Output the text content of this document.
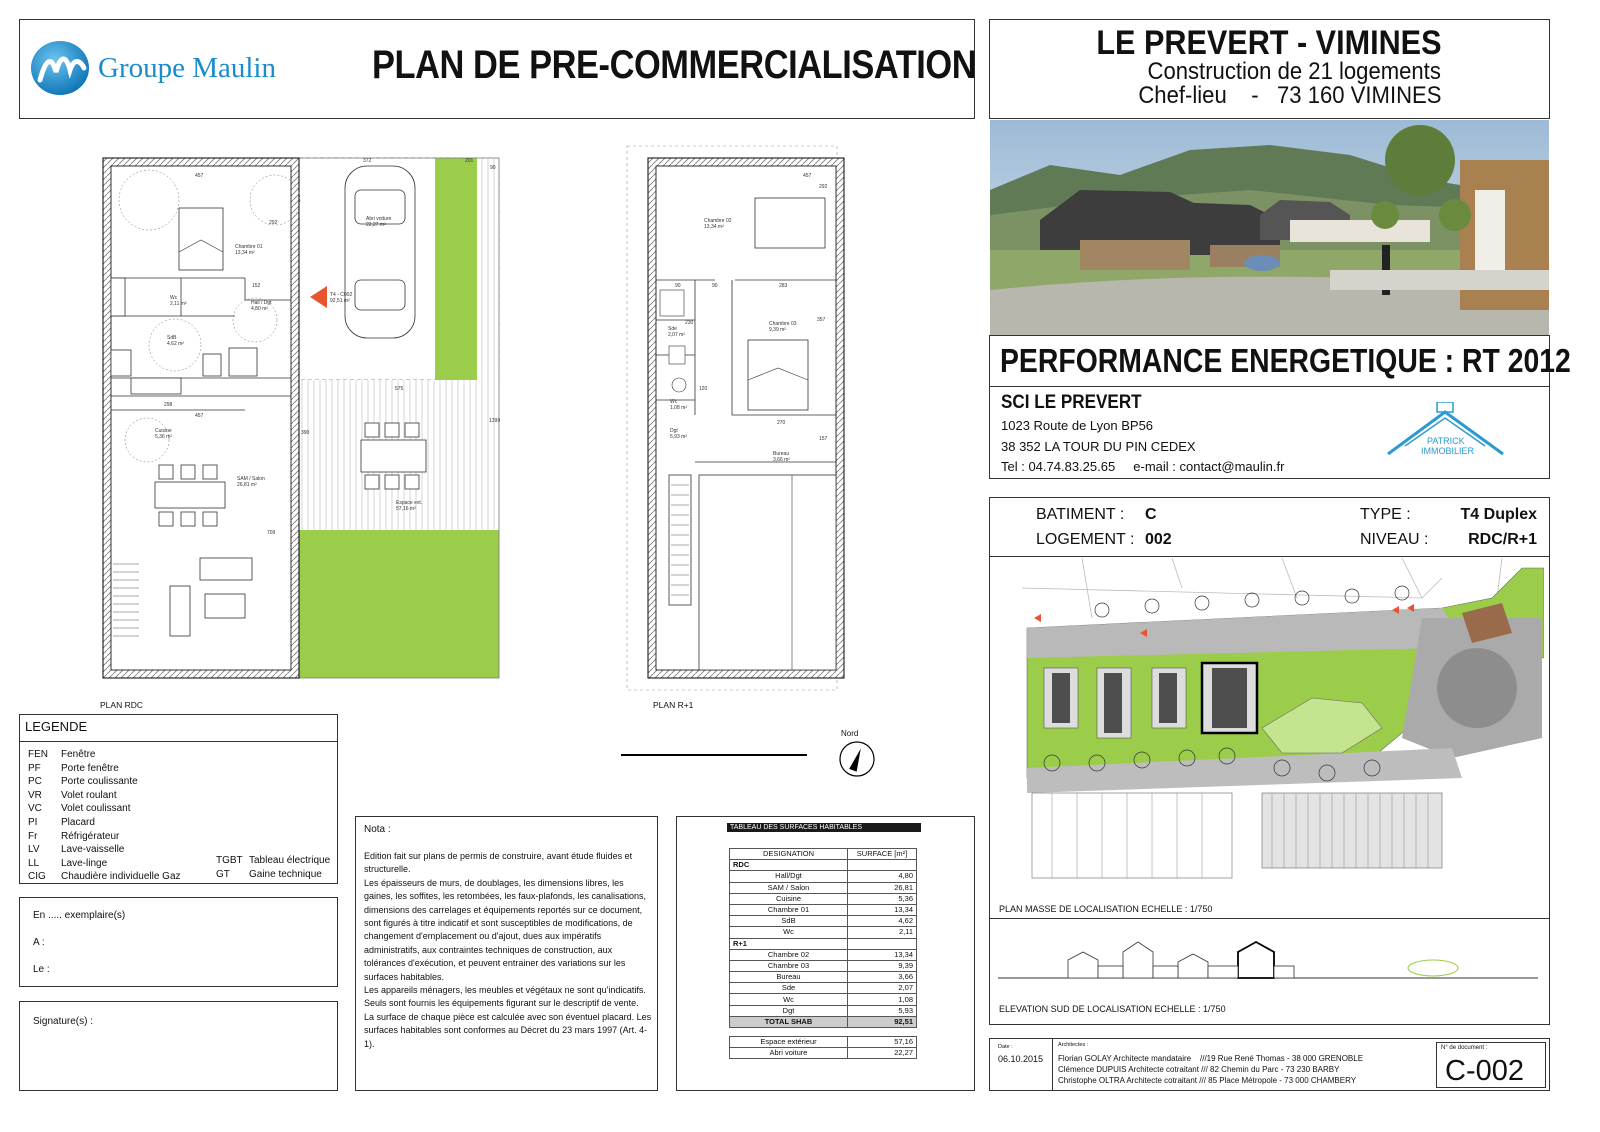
Groupe Maulin PLAN DE PRE-COMMERCIALISATION	LE PREVERT - VIMINES
Construction de 21 logements
Chef-lieu    -   73 160 VIMINES
PERFORMANCE ENERGETIQUE : RT 2012
SCI LE PREVERT
1023 Route de Lyon BP56
38 352 LA TOUR DU PIN CEDEX
Tel : 04.74.83.25.65     e-mail : contact@maulin.fr
PATRICK
IMMOBILIER
BATIMENT : C	TYPE :	T4 Duplex
LOGEMENT : 002	NIVEAU : RDC/R+1
PLAN MASSE DE LOCALISATION ECHELLE : 1/750
ELEVATION SUD DE LOCALISATION ECHELLE : 1/750
Date :
06.10.2015
Architectes :
Florian GOLAY Architecte mandataire    ///19 Rue René Thomas - 38 000 GRENOBLE
Clémence DUPUIS Architecte cotraitant /// 82 Chemin du Parc - 73 230 BARBY
Christophe OLTRA Architecte cotraitant /// 85 Place Métropole - 73 000 CHAMBERY
N° de document :
C-002
Chambre 01
13,34 m²
Abri voiture
22,27 m²
Wc
2,11 m²	Hall / Dgt
4,80 m²
SdB
4,62 m²
Cuisine
5,36 m²
SAM / Salon
26,81 m²
Espace ext.
57,16 m²
T4 - C002
92,51 m²
Chambre 02
13,34 m²
Chambre 03
9,39 m²
Sde
2,07 m²
Wc
1,08 m²
Dgt
5,93 m²
Bureau
3,66 m²
457
372	201
90
292
152
298
457
575
390
709
1399
457
292
90	90	283
357
120
270
157
230
PLAN RDC	PLAN R+1
Nord
LEGENDE
FEN	Fenêtre
PF	Porte fenêtre
PC	Porte coulissante
VR	Volet roulant
VC	Volet coulissant
PI	Placard
Fr	Réfrigérateur
LV	Lave-vaisselle
LL	Lave-linge
CIG	Chaudière individuelle Gaz
TGBT Tableau électrique
GT	Gaine technique
En ..... exemplaire(s)
A :
Le :
Signature(s) :
Nota :

Edition fait sur plans de permis de construire, avant étude fluides et structurelle.

Les épaisseurs de murs, de doublages, les dimensions libres, les gaines, les soffites, les retombées, les faux-plafonds, les canalisations, dimensions des carrelages et équipements reportés sur ce document, sont figurés à titre indicatif et sont susceptibles de modifications, de changement d'emplacement ou d'ajout, dues aux impératifs administratifs, aux contraintes techniques de construction, aux tolérances d'exécution, et peuvent entrainer des variations sur les surfaces habitables.

Les appareils ménagers, les meubles et végétaux ne sont qu'indicatifs. Seuls sont fournis les équipements figurant sur le descriptif de vente.

La surface de chaque pièce est calculée avec son éventuel placard. Les surfaces habitables sont conformes au Décret du 23 mars 1997 (Art. 4-1).

TABLEAU DES SURFACES HABITABLES
DESIGNATION	SURFACE [m²]
RDC	
Hall/Dgt	4,80
SAM / Salon	26,81
Cuisine	5,36
Chambre 01	13,34
SdB	4,62
Wc	2,11
R+1	
Chambre 02	13,34
Chambre 03	9,39
Bureau	3,66
Sde	2,07
Wc	1,08
Dgt	5,93
TOTAL SHAB	92,51

Espace extérieur	57,16
Abri voiture	22,27
